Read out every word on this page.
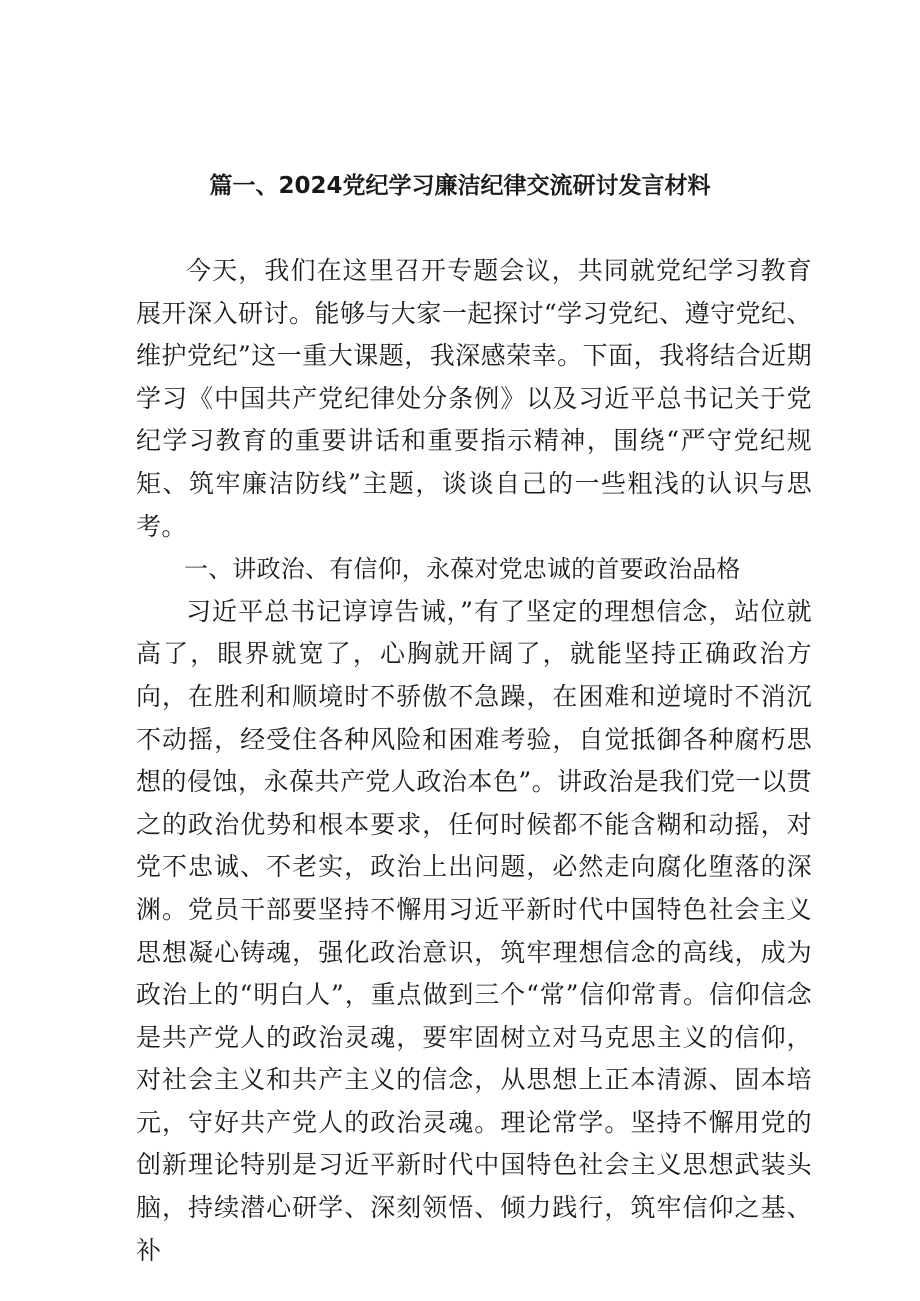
篇一、2024党纪学习廉洁纪律交流研讨发言材料

今天，我们在这里召开专题会议，共同就党纪学习教育展开深入研讨。能够与大家一起探讨“学习党纪、遵守党纪、维护党纪”这一重大课题，我深感荣幸。下面，我将结合近期学习《中国共产党纪律处分条例》以及习近平总书记关于党纪学习教育的重要讲话和重要指示精神，围绕“严守党纪规矩、筑牢廉洁防线”主题，谈谈自己的一些粗浅的认识与思考。

一、讲政治、有信仰，永葆对党忠诚的首要政治品格

习近平总书记谆谆告诫，”有了坚定的理想信念，站位就高了，眼界就宽了，心胸就开阔了，就能坚持正确政治方向，在胜利和顺境时不骄傲不急躁，在困难和逆境时不消沉不动摇，经受住各种风险和困难考验，自觉抵御各种腐朽思想的侵蚀，永葆共产党人政治本色”。讲政治是我们党一以贯之的政治优势和根本要求，任何时候都不能含糊和动摇，对党不忠诚、不老实，政治上出问题，必然走向腐化堕落的深渊。党员干部要坚持不懈用习近平新时代中国特色社会主义思想凝心铸魂，强化政治意识，筑牢理想信念的高线，成为政治上的“明白人”，重点做到三个“常”信仰常青。信仰信念是共产党人的政治灵魂，要牢固树立对马克思主义的信仰，对社会主义和共产主义的信念，从思想上正本清源、固本培元，守好共产党人的政治灵魂。理论常学。坚持不懈用党的创新理论特别是习近平新时代中国特色社会主义思想武装头脑，持续潜心研学、深刻领悟、倾力践行，筑牢信仰之基、补
